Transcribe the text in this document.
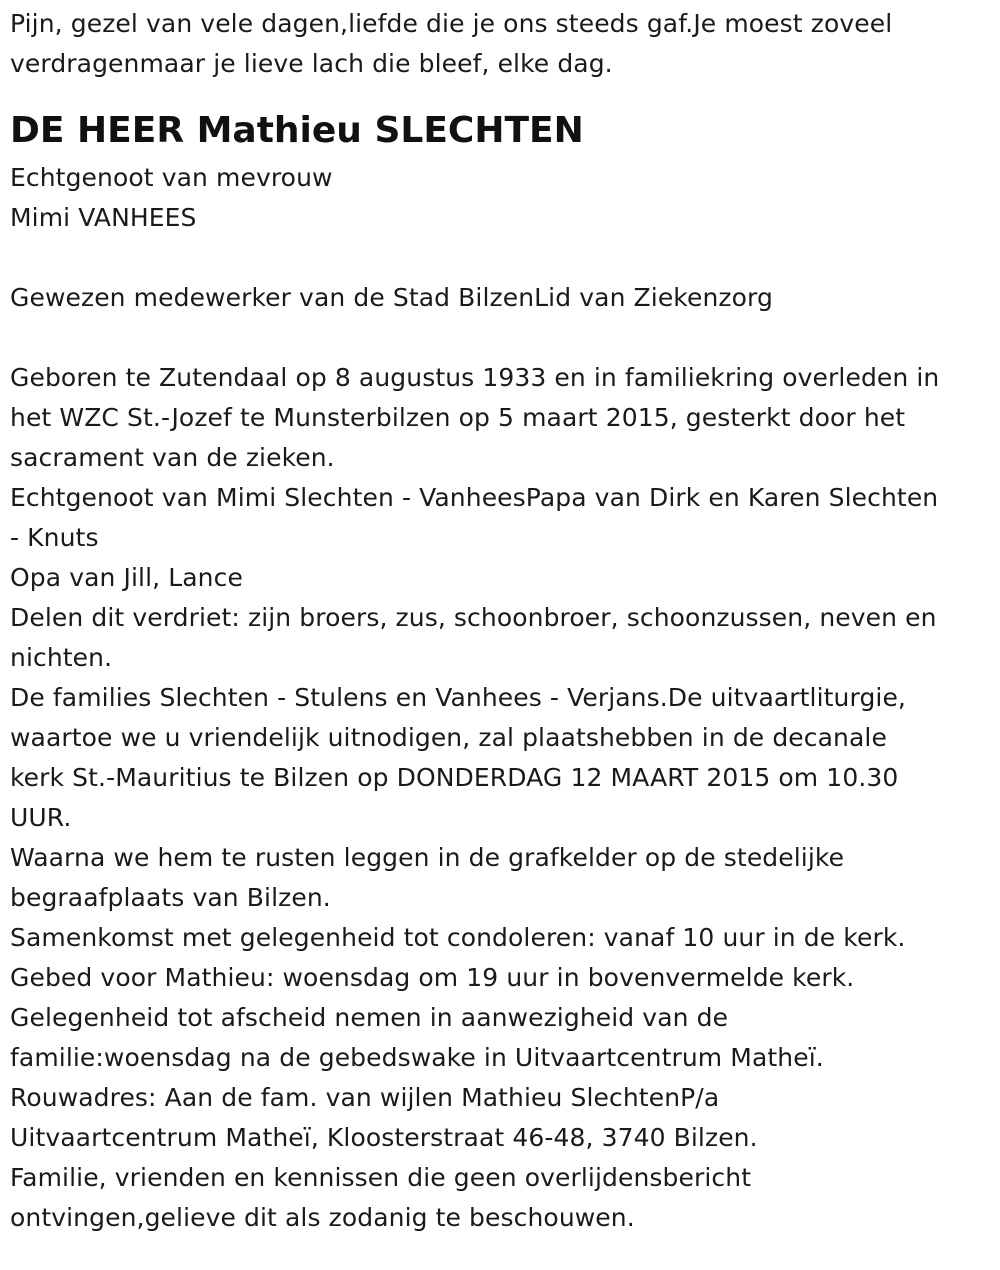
Pijn, gezel van vele dagen,liefde die je ons steeds gaf.Je moest zoveel
verdragenmaar je lieve lach die bleef, elke dag.
DE HEER Mathieu SLECHTEN
Echtgenoot van mevrouw
Mimi VANHEES
Gewezen medewerker van de Stad BilzenLid van Ziekenzorg
Geboren te Zutendaal op 8 augustus 1933 en in familiekring overleden in
het WZC St.-Jozef te Munsterbilzen op 5 maart 2015, gesterkt door het
sacrament van de zieken.
Echtgenoot van Mimi Slechten - VanheesPapa van Dirk en Karen Slechten
- Knuts
Opa van Jill, Lance
Delen dit verdriet: zijn broers, zus, schoonbroer, schoonzussen, neven en
nichten.
De families Slechten - Stulens en Vanhees - Verjans.De uitvaartliturgie,
waartoe we u vriendelijk uitnodigen, zal plaatshebben in de decanale
kerk St.-Mauritius te Bilzen op DONDERDAG 12 MAART 2015 om 10.30
UUR.
Waarna we hem te rusten leggen in de grafkelder op de stedelijke
begraafplaats van Bilzen.
Samenkomst met gelegenheid tot condoleren: vanaf 10 uur in de kerk.
Gebed voor Mathieu: woensdag om 19 uur in bovenvermelde kerk.
Gelegenheid tot afscheid nemen in aanwezigheid van de
familie:woensdag na de gebedswake in Uitvaartcentrum Matheï.
Rouwadres: Aan de fam. van wijlen Mathieu SlechtenP/a
Uitvaartcentrum Matheï, Kloosterstraat 46-48, 3740 Bilzen.
Familie, vrienden en kennissen die geen overlijdensbericht
ontvingen,gelieve dit als zodanig te beschouwen.
